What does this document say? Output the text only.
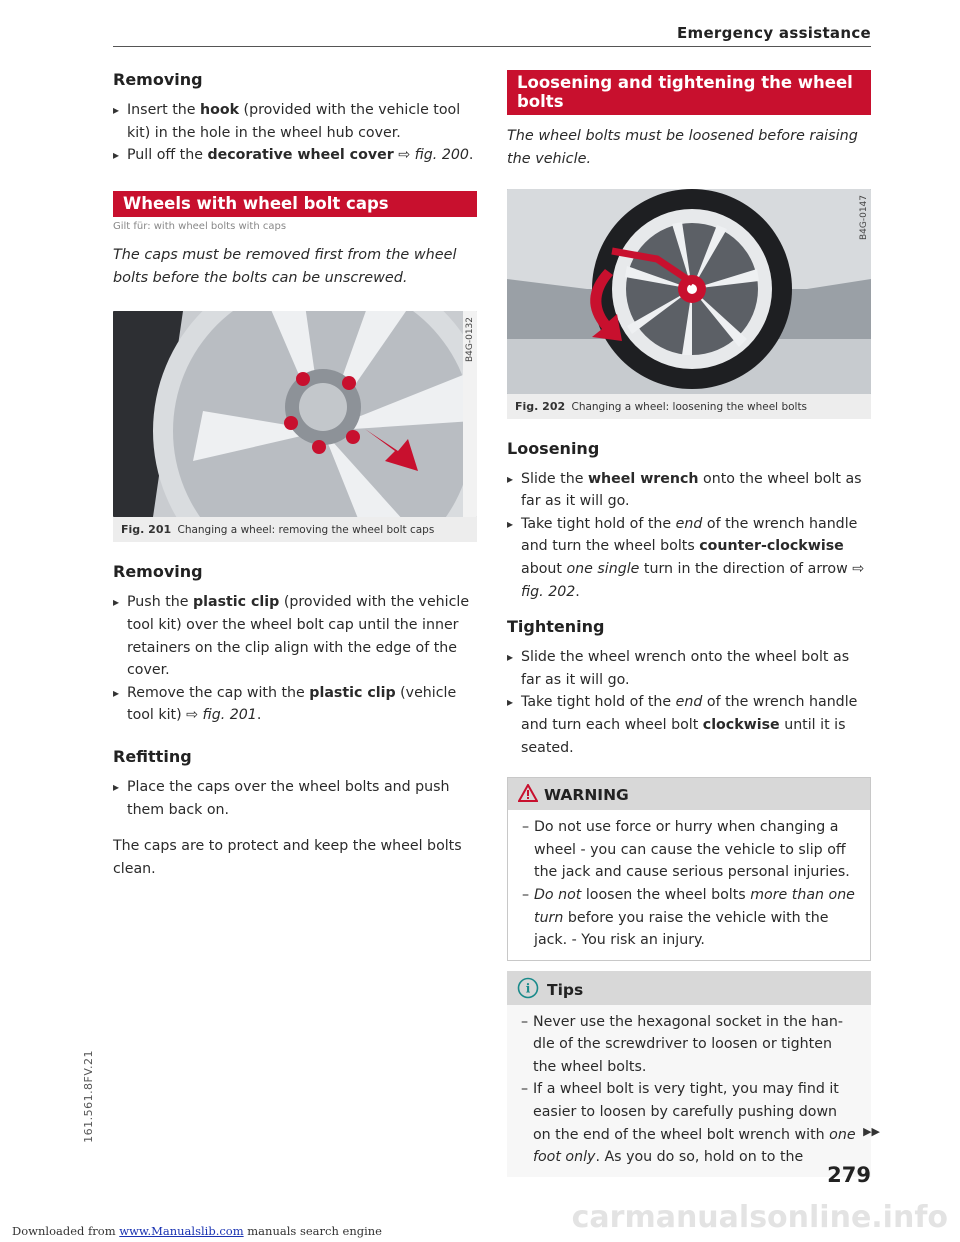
Emergency assistance
Removing
▸ Insert the hook (provided with the vehicle tool kit) in the hole in the wheel hub cover.
▸ Pull off the decorative wheel cover ⇨ fig. 200.
Wheels with wheel bolt caps
Gilt für: with wheel bolts with caps

The caps must be removed first from the wheel bolts before the bolts can be unscrewed.

B4G-0132
Fig. 201 Changing a wheel: removing the wheel bolt caps
Removing
▸ Push the plastic clip (provided with the vehicle tool kit) over the wheel bolt cap until the inner retainers on the clip align with the edge of the cover.
▸ Remove the cap with the plastic clip (vehicle tool kit) ⇨ fig. 201.
Refitting
▸ Place the caps over the wheel bolts and push them back on.

The caps are to protect and keep the wheel bolts clean.

Loosening and tightening the wheel bolts

The wheel bolts must be loosened before raising the vehicle.

B4G-0147
Fig. 202 Changing a wheel: loosening the wheel bolts
Loosening
▸ Slide the wheel wrench onto the wheel bolt as far as it will go.
▸ Take tight hold of the end of the wrench handle and turn the wheel bolts counter-clockwise about one single turn in the direction of arrow ⇨ fig. 202.
Tightening
▸ Slide the wheel wrench onto the wheel bolt as far as it will go.
▸ Take tight hold of the end of the wrench handle and turn each wheel bolt clockwise until it is seated.
WARNING

– Do not use force or hurry when changing a wheel - you can cause the vehicle to slip off the jack and cause serious personal injuries.

– Do not loosen the wheel bolts more than one turn before you raise the vehicle with the jack. - You risk an injury.

i Tips

– Never use the hexagonal socket in the handle of the screwdriver to loosen or tighten the wheel bolts.

– If a wheel bolt is very tight, you may find it easier to loosen by carefully pushing down on the end of the wheel bolt wrench with one foot only. As you do so, hold on to the

▶▶
161.561.8FV.21
carmanualsonline.info
279
Downloaded from www.Manualslib.com manuals search engine
